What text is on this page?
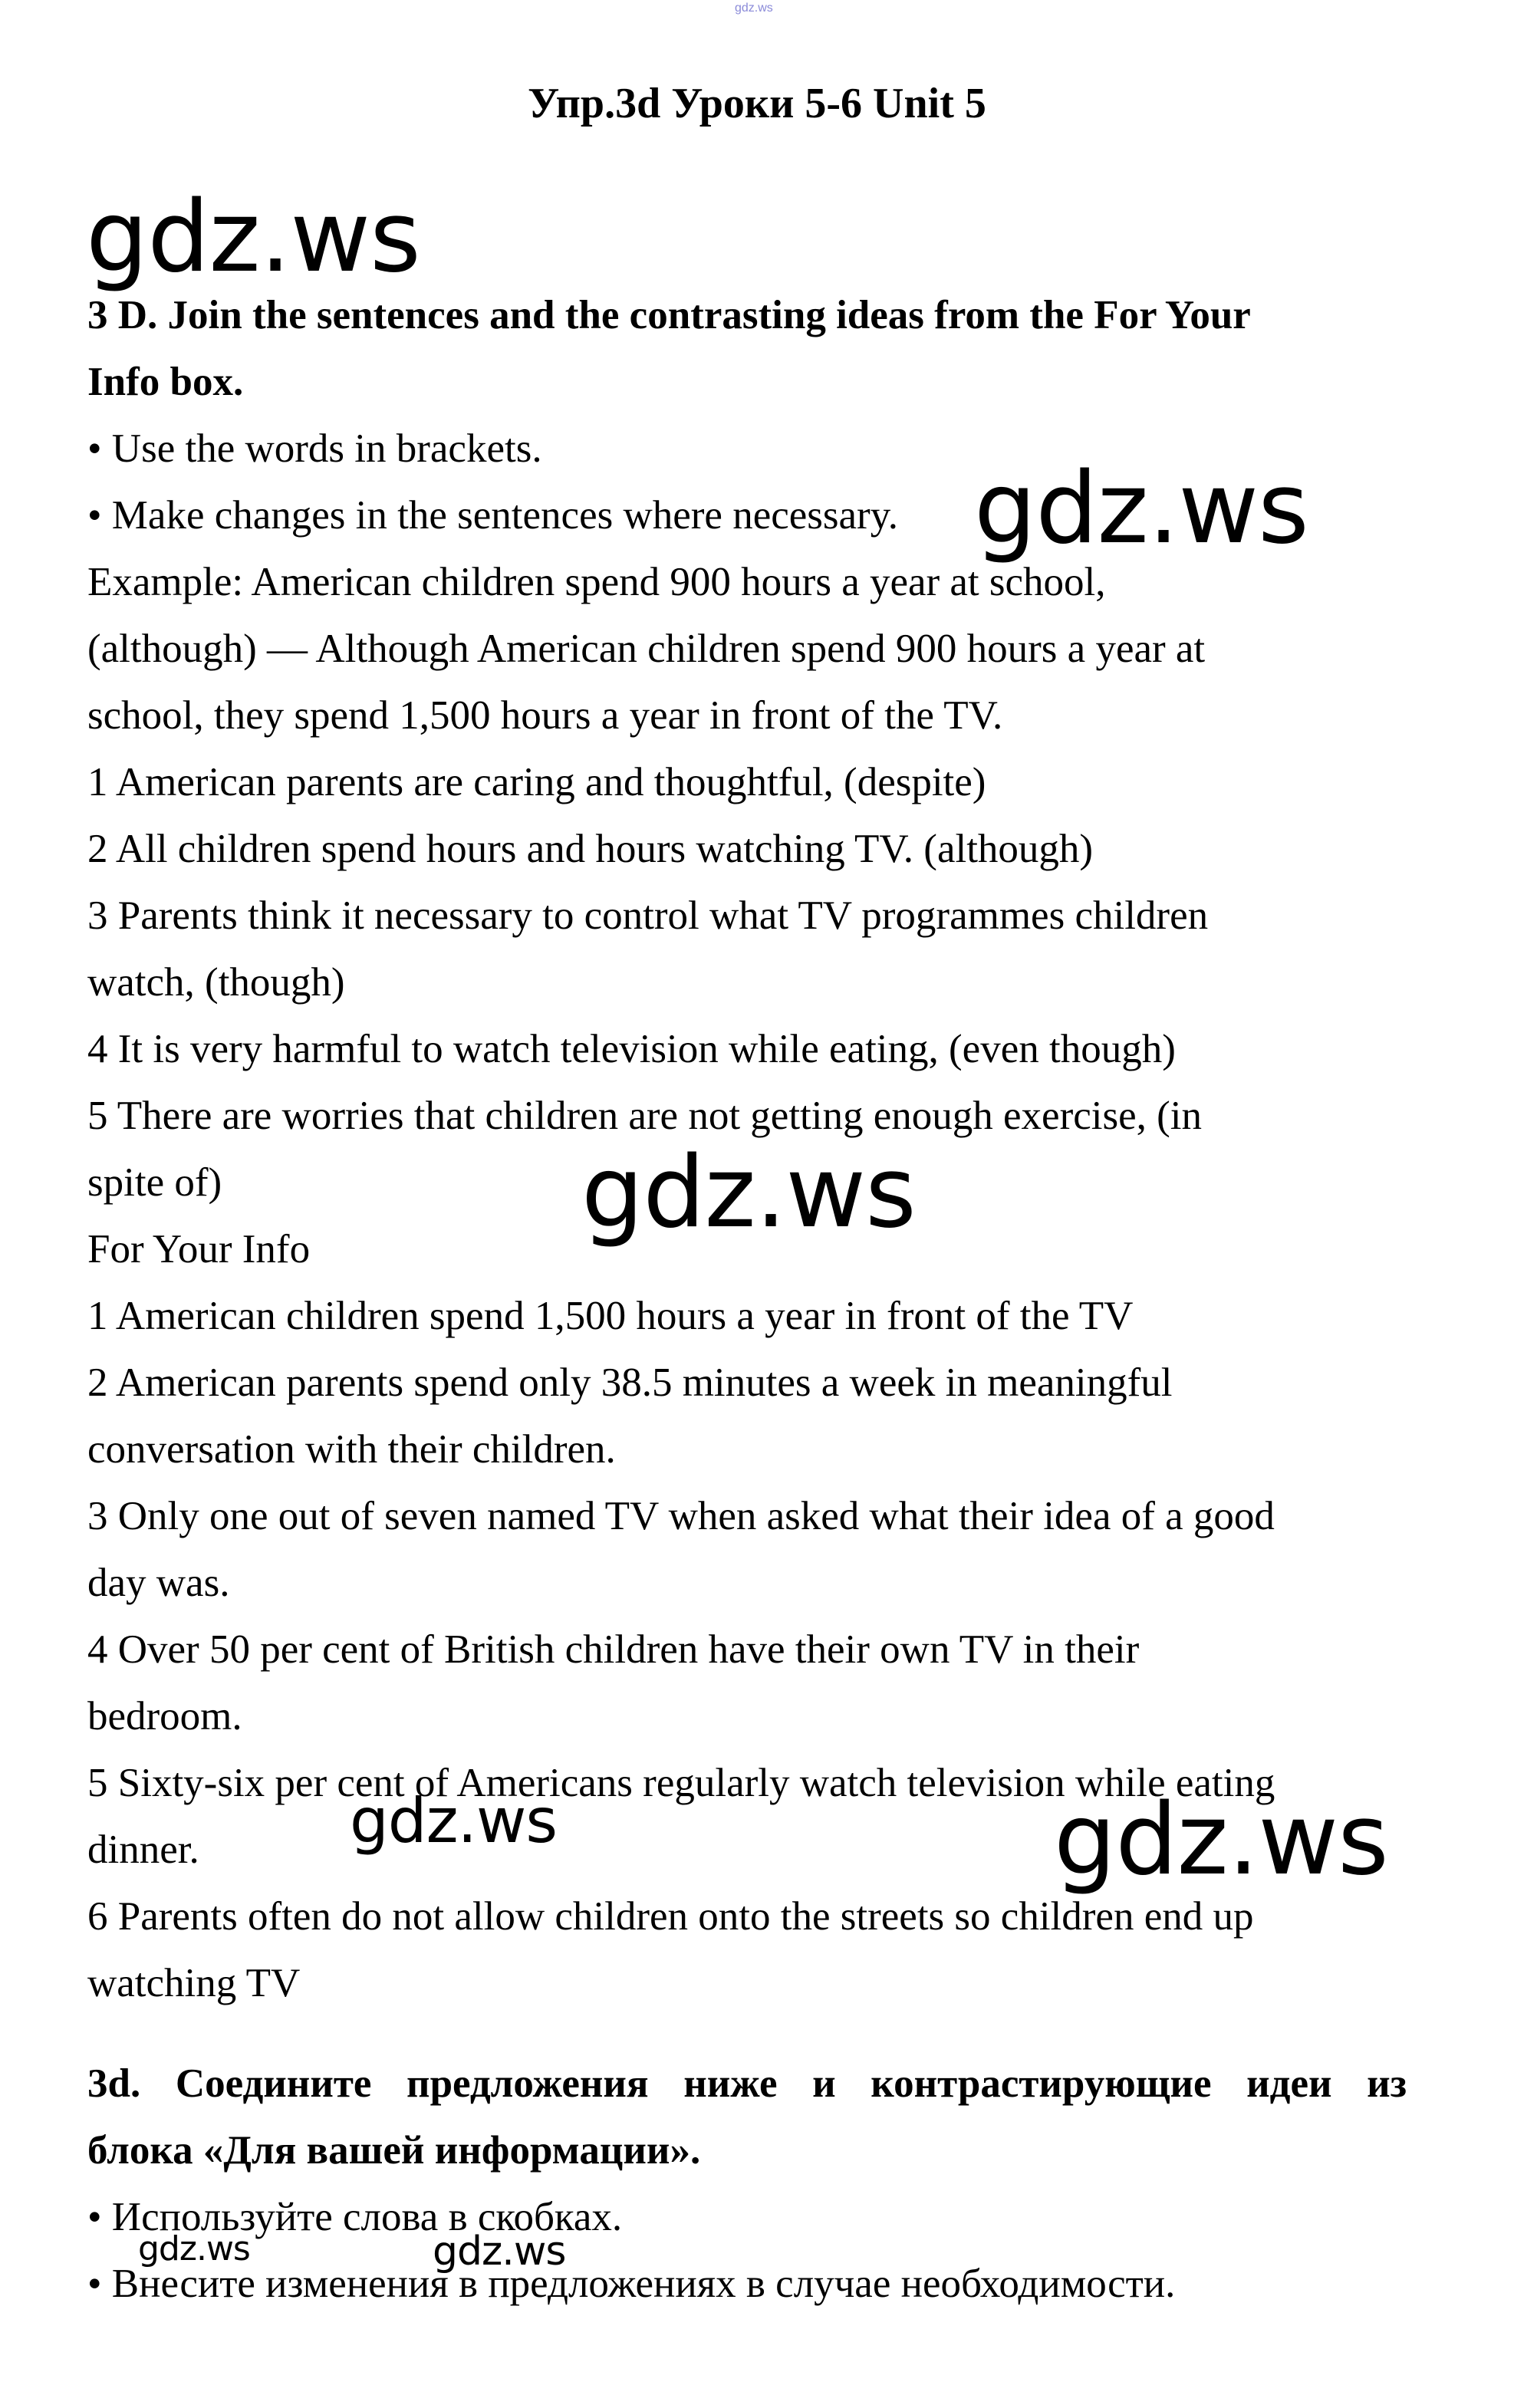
gdz.ws
Упр.3d Уроки 5-6 Unit 5
gdz.ws
gdz.ws
gdz.ws
gdz.ws	gdz.ws
gdz.ws	gdz.ws
3 D. Join the sentences and the contrasting ideas from the For Your
Info box.
• Use the words in brackets.
• Make changes in the sentences where necessary.
Example: American children spend 900 hours a year at school,
(although) — Although American children spend 900 hours a year at
school, they spend 1,500 hours a year in front of the TV.
1 American parents are caring and thoughtful, (despite)
2 All children spend hours and hours watching TV. (although)
3 Parents think it necessary to control what TV programmes children
watch, (though)
4 It is very harmful to watch television while eating, (even though)
5 There are worries that children are not getting enough exercise, (in
spite of)
For Your Info
1 American children spend 1,500 hours a year in front of the TV
2 American parents spend only 38.5 minutes a week in meaningful
conversation with their children.
3 Only one out of seven named TV when asked what their idea of a good
day was.
4 Over 50 per cent of British children have their own TV in their
bedroom.
5 Sixty-six per cent of Americans regularly watch television while eating
dinner.
6 Parents often do not allow children onto the streets so children end up
watching TV
3d. Соедините предложения ниже и контрастирующие идеи из
блока «Для вашей информации».
• Используйте слова в скобках.
• Внесите изменения в предложениях в случае необходимости.
